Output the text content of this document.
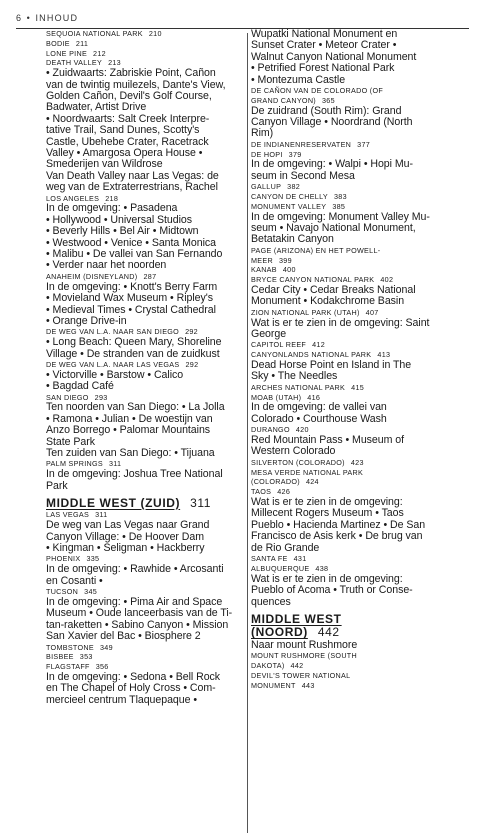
6 • INHOUD
SEQUOIA NATIONAL PARK 210
BODIE 211
LONE PINE 212
DEATH VALLEY 213
• Zuidwaarts: Zabriskie Point, Cañon
van de twintig muilezels, Dante's View,
Golden Cañon, Devil's Golf Course,
Badwater, Artist Drive
• Noordwaarts: Salt Creek Interpre-
tative Trail, Sand Dunes, Scotty's
Castle, Ubehebe Crater, Racetrack
Valley • Amargosa Opera House •
Smederijen van Wildrose
Van Death Valley naar Las Vegas: de
weg van de Extraterrestrians, Rachel
LOS ANGELES 218
In de omgeving: • Pasadena
• Hollywood • Universal Studios
• Beverly Hills • Bel Air • Midtown
• Westwood • Venice • Santa Monica
• Malibu • De vallei van San Fernando
• Verder naar het noorden
ANAHEIM (DISNEYLAND) 287
In de omgeving: • Knott's Berry Farm
• Movieland Wax Museum • Ripley's
• Medieval Times • Crystal Cathedral
• Orange Drive-in
DE WEG VAN L.A. NAAR SAN DIEGO 292
• Long Beach: Queen Mary, Shoreline
Village • De stranden van de zuidkust
DE WEG VAN L.A. NAAR LAS VEGAS 292
• Victorville • Barstow • Calico
• Bagdad Café
SAN DIEGO 293
Ten noorden van San Diego: • La Jolla
• Ramona • Julian • De woestijn van
Anzo Borrego • Palomar Mountains
State Park
Ten zuiden van San Diego: • Tijuana
PALM SPRINGS 311
In de omgeving: Joshua Tree National
Park
MIDDLE WEST (ZUID) 311
LAS VEGAS 311
De weg van Las Vegas naar Grand
Canyon Village: • De Hoover Dam
• Kingman • Seligman • Hackberry
PHOENIX 335
In de omgeving: • Rawhide • Arcosanti
en Cosanti •
TUCSON 345
In de omgeving: • Pima Air and Space
Museum • Oude lanceerbasis van de Ti-
tan-raketten • Sabino Canyon • Mission
San Xavier del Bac • Biosphere 2
TOMBSTONE 349
BISBEE 353
FLAGSTAFF 356
In de omgeving: • Sedona • Bell Rock
en The Chapel of Holy Cross • Com-
mercieel centrum Tlaquepaque •
Wupatki National Monument en
Sunset Crater • Meteor Crater •
Walnut Canyon National Monument
• Petrified Forest National Park
• Montezuma Castle
DE CAÑON VAN DE COLORADO (OF
GRAND CANYON) 365
De zuidrand (South Rim): Grand
Canyon Village • Noordrand (North
Rim)
DE INDIANENRESERVATEN 377
DE HOPI 379
In de omgeving: • Walpi • Hopi Mu-
seum in Second Mesa
GALLUP 382
CANYON DE CHELLY 383
MONUMENT VALLEY 385
In de omgeving: Monument Valley Mu-
seum • Navajo National Monument,
Betatakin Canyon
PAGE (ARIZONA) EN HET POWELL-
MEER 399
KANAB 400
BRYCE CANYON NATIONAL PARK 402
Cedar City • Cedar Breaks National
Monument • Kodakchrome Basin
ZION NATIONAL PARK (UTAH) 407
Wat is er te zien in de omgeving: Saint
George
CAPITOL REEF 412
CANYONLANDS NATIONAL PARK 413
Dead Horse Point en Island in The
Sky • The Needles
ARCHES NATIONAL PARK 415
MOAB (UTAH) 416
In de omgeving: de vallei van
Colorado • Courthouse Wash
DURANGO 420
Red Mountain Pass • Museum of
Western Colorado
SILVERTON (COLORADO) 423
MESA VERDE NATIONAL PARK
(COLORADO) 424
TAOS 426
Wat is er te zien in de omgeving:
Millecent Rogers Museum • Taos
Pueblo • Hacienda Martinez • De San
Francisco de Asis kerk • De brug van
de Rio Grande
SANTA FE 431
ALBUQUERQUE 438
Wat is er te zien in de omgeving:
Pueblo of Acoma • Truth or Conse-
quences
MIDDLE WEST
(NOORD) 442
Naar mount Rushmore
MOUNT RUSHMORE (SOUTH
DAKOTA) 442
DEVIL'S TOWER NATIONAL
MONUMENT 443
